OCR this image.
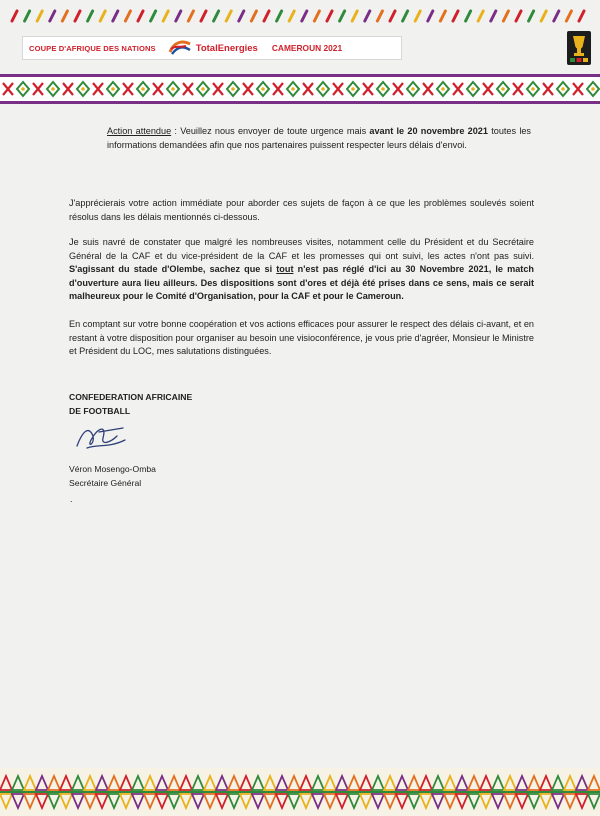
COUPE D'AFRIQUE DES NATIONS	TotalEnergies CAMEROUN 2021
Action attendue : Veuillez nous envoyer de toute urgence mais avant le 20 novembre 2021 toutes les informations demandées afin que nos partenaires puissent respecter leurs délais d'envoi.
J'apprécierais votre action immédiate pour aborder ces sujets de façon à ce que les problèmes soulevés soient résolus dans les délais mentionnés ci-dessous.
Je suis navré de constater que malgré les nombreuses visites, notamment celle du Président et du Secrétaire Général de la CAF et du vice-président de la CAF et les promesses qui ont suivi, les actes n'ont pas suivi. S'agissant du stade d'Olembe, sachez que si tout n'est pas réglé d'ici au 30 Novembre 2021, le match d'ouverture aura lieu ailleurs. Des dispositions sont d'ores et déjà été prises dans ce sens, mais ce serait malheureux pour le Comité d'Organisation, pour la CAF et pour le Cameroun.
En comptant sur votre bonne coopération et vos actions efficaces pour assurer le respect des délais ci-avant, et en restant à votre disposition pour organiser au besoin une visioconférence, je vous prie d'agréer, Monsieur le Ministre et Président du LOC, mes salutations distinguées.
CONFEDERATION AFRICAINE
DE FOOTBALL
Véron Mosengo-Omba
Secrétaire Général
.
